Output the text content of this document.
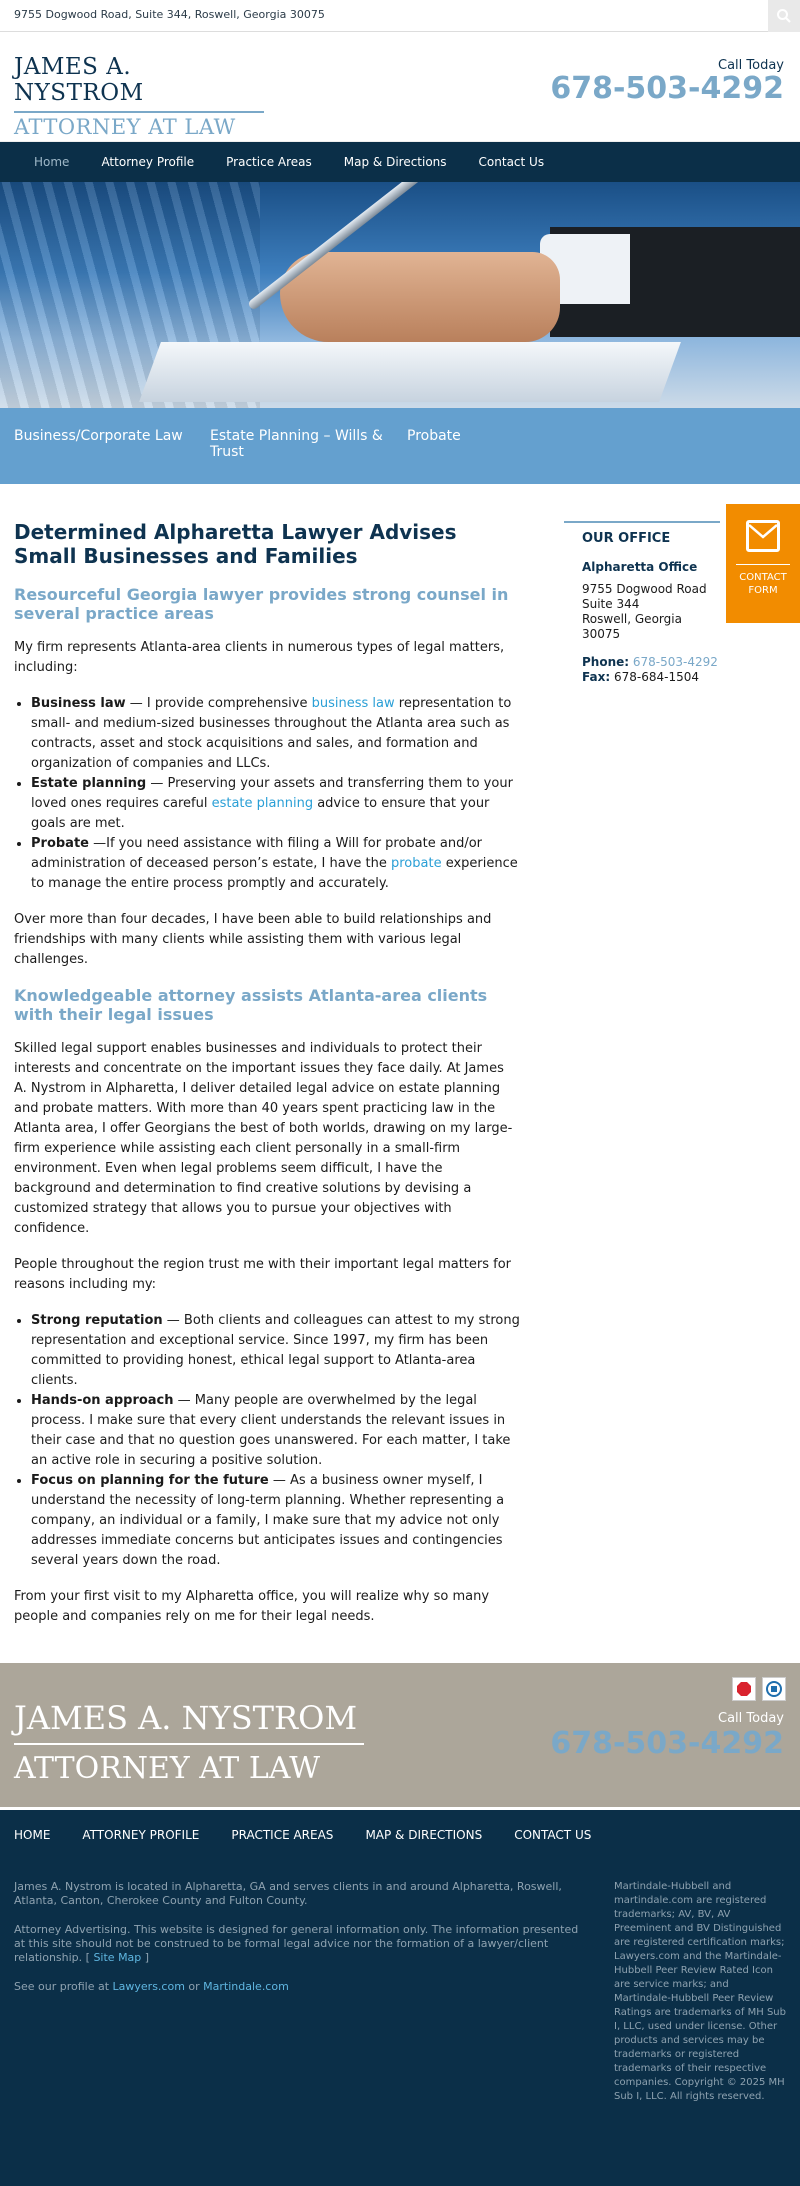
9755 Dogwood Road, Suite 344, Roswell, Georgia 30075
JAMES A. NYSTROM
ATTORNEY AT LAW
Call Today
678-503-4292
Home	Attorney Profile	Practice Areas	Map & Directions	Contact Us
Business/Corporate Law Estate Planning – Wills & Trust
Probate
Determined Alpharetta Lawyer Advises Small Businesses and Families
Resourceful Georgia lawyer provides strong counsel in several practice areas

My firm represents Atlanta-area clients in numerous types of legal matters, including:

• Business law — I provide comprehensive business law representation to small- and medium-sized businesses throughout the Atlanta area such as contracts, asset and stock acquisitions and sales, and formation and organization of companies and LLCs.
• Estate planning — Preserving your assets and transferring them to your loved ones requires careful estate planning advice to ensure that your goals are met.
• Probate —If you need assistance with filing a Will for probate and/or administration of deceased person’s estate, I have the probate experience to manage the entire process promptly and accurately.

Over more than four decades, I have been able to build relationships and friendships with many clients while assisting them with various legal challenges.

Knowledgeable attorney assists Atlanta-area clients with their legal issues

Skilled legal support enables businesses and individuals to protect their interests and concentrate on the important issues they face daily. At James A. Nystrom in Alpharetta, I deliver detailed legal advice on estate planning and probate matters. With more than 40 years spent practicing law in the Atlanta area, I offer Georgians the best of both worlds, drawing on my large-firm experience while assisting each client personally in a small-firm environment. Even when legal problems seem difficult, I have the background and determination to find creative solutions by devising a customized strategy that allows you to pursue your objectives with confidence.

People throughout the region trust me with their important legal matters for reasons including my:

• Strong reputation — Both clients and colleagues can attest to my strong representation and exceptional service. Since 1997, my firm has been committed to providing honest, ethical legal support to Atlanta-area clients.
• Hands-on approach — Many people are overwhelmed by the legal process. I make sure that every client understands the relevant issues in their case and that no question goes unanswered. For each matter, I take an active role in securing a positive solution.
• Focus on planning for the future — As a business owner myself, I understand the necessity of long-term planning. Whether representing a company, an individual or a family, I make sure that my advice not only addresses immediate concerns but anticipates issues and contingencies several years down the road.

From your first visit to my Alpharetta office, you will realize why so many people and companies rely on me for their legal needs.

OUR OFFICE
Alpharetta Office
9755 Dogwood Road
Suite 344
Roswell, Georgia 30075
Phone: 678-503-4292
Fax: 678-684-1504
CONTACT
FORM
JAMES A. NYSTROM
ATTORNEY AT LAW
Call Today
678-503-4292
HOME	ATTORNEY PROFILE	PRACTICE AREAS	MAP & DIRECTIONS	CONTACT US

James A. Nystrom is located in Alpharetta, GA and serves clients in and around Alpharetta, Roswell, Atlanta, Canton, Cherokee County and Fulton County.

Attorney Advertising. This website is designed for general information only. The information presented at this site should not be construed to be formal legal advice nor the formation of a lawyer/client relationship. [ Site Map ]

See our profile at Lawyers.com or Martindale.com

Martindale-Hubbell and martindale.com are registered trademarks; AV, BV, AV Preeminent and BV Distinguished are registered certification marks; Lawyers.com and the Martindale-Hubbell Peer Review Rated Icon are service marks; and Martindale-Hubbell Peer Review Ratings are trademarks of MH Sub I, LLC, used under license. Other products and services may be trademarks or registered trademarks of their respective companies. Copyright © 2025 MH Sub I, LLC. All rights reserved.
